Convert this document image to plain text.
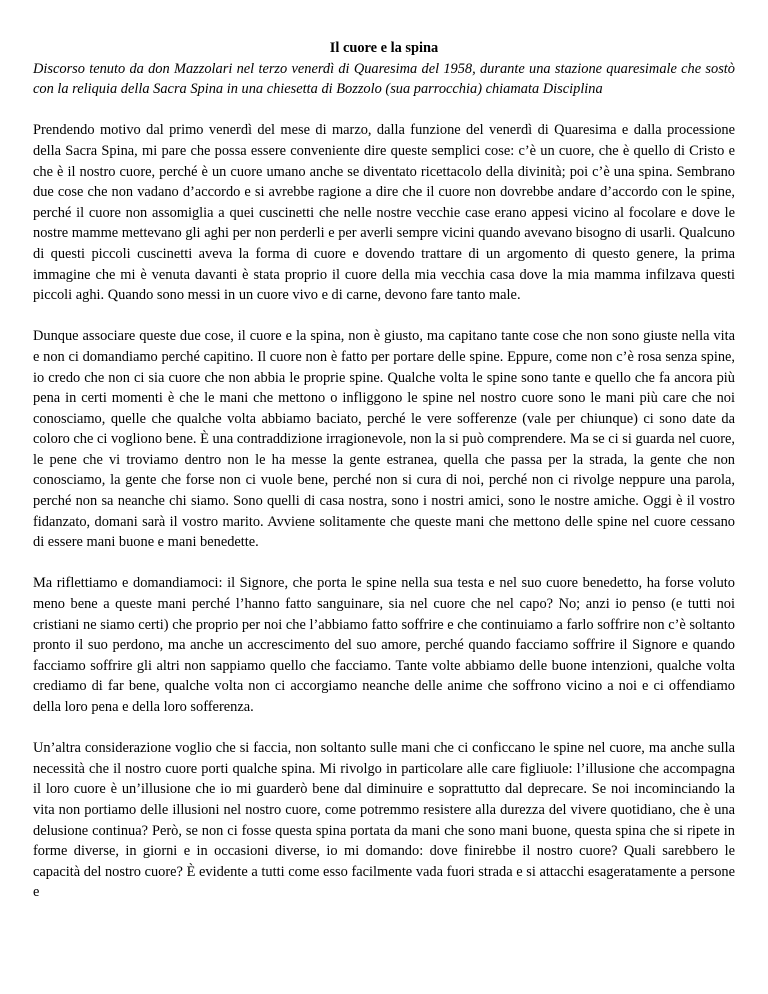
Il cuore e la spina

Discorso tenuto da don Mazzolari nel terzo venerdì di Quaresima del 1958, durante una stazione quaresimale che sostò con la reliquia della Sacra Spina in una chiesetta di Bozzolo (sua parrocchia) chiamata Disciplina

Prendendo motivo dal primo venerdì del mese di marzo, dalla funzione del venerdì di Quaresima e dalla processione della Sacra Spina, mi pare che possa essere conveniente dire queste semplici cose: c’è un cuore, che è quello di Cristo e che è il nostro cuore, perché è un cuore umano anche se diventato ricettacolo della divinità; poi c’è una spina. Sembrano due cose che non vadano d’accordo e si avrebbe ragione a dire che il cuore non dovrebbe andare d’accordo con le spine, perché il cuore non assomiglia a quei cuscinetti che nelle nostre vecchie case erano appesi vicino al focolare e dove le nostre mamme mettevano gli aghi per non perderli e per averli sempre vicini quando avevano bisogno di usarli. Qualcuno di questi piccoli cuscinetti aveva la forma di cuore e dovendo trattare di un argomento di questo genere, la prima immagine che mi è venuta davanti è stata proprio il cuore della mia vecchia casa dove la mia mamma infilzava questi piccoli aghi. Quando sono messi in un cuore vivo e di carne, devono fare tanto male.

Dunque associare queste due cose, il cuore e la spina, non è giusto, ma capitano tante cose che non sono giuste nella vita e non ci domandiamo perché capitino. Il cuore non è fatto per portare delle spine. Eppure, come non c’è rosa senza spine, io credo che non ci sia cuore che non abbia le proprie spine. Qualche volta le spine sono tante e quello che fa ancora più pena in certi momenti è che le mani che mettono o infliggono le spine nel nostro cuore sono le mani più care che noi conosciamo, quelle che qualche volta abbiamo baciato, perché le vere sofferenze (vale per chiunque) ci sono date da coloro che ci vogliono bene. È una contraddizione irragionevole, non la si può comprendere. Ma se ci si guarda nel cuore, le pene che vi troviamo dentro non le ha messe la gente estranea, quella che passa per la strada, la gente che non conosciamo, la gente che forse non ci vuole bene, perché non si cura di noi, perché non ci rivolge neppure una parola, perché non sa neanche chi siamo. Sono quelli di casa nostra, sono i nostri amici, sono le nostre amiche. Oggi è il vostro fidanzato, domani sarà il vostro marito. Avviene solitamente che queste mani che mettono delle spine nel cuore cessano di essere mani buone e mani benedette.

Ma riflettiamo e domandiamoci: il Signore, che porta le spine nella sua testa e nel suo cuore benedetto, ha forse voluto meno bene a queste mani perché l’hanno fatto sanguinare, sia nel cuore che nel capo? No; anzi io penso (e tutti noi cristiani ne siamo certi) che proprio per noi che l’abbiamo fatto soffrire e che continuiamo a farlo soffrire non c’è soltanto pronto il suo perdono, ma anche un accrescimento del suo amore, perché quando facciamo soffrire il Signore e quando facciamo soffrire gli altri non sappiamo quello che facciamo. Tante volte abbiamo delle buone intenzioni, qualche volta crediamo di far bene, qualche volta non ci accorgiamo neanche delle anime che soffrono vicino a noi e ci offendiamo della loro pena e della loro sofferenza.

Un’altra considerazione voglio che si faccia, non soltanto sulle mani che ci conficcano le spine nel cuore, ma anche sulla necessità che il nostro cuore porti qualche spina. Mi rivolgo in particolare alle care figliuole: l’illusione che accompagna il loro cuore è un’illusione che io mi guarderò bene dal diminuire e soprattutto dal deprecare. Se noi incominciando la vita non portiamo delle illusioni nel nostro cuore, come potremmo resistere alla durezza del vivere quotidiano, che è una delusione continua? Però, se non ci fosse questa spina portata da mani che sono mani buone, questa spina che si ripete in forme diverse, in giorni e in occasioni diverse, io mi domando: dove finirebbe il nostro cuore? Quali sarebbero le capacità del nostro cuore? È evidente a tutti come esso facilmente vada fuori strada e si attacchi esageratamente a persone e
